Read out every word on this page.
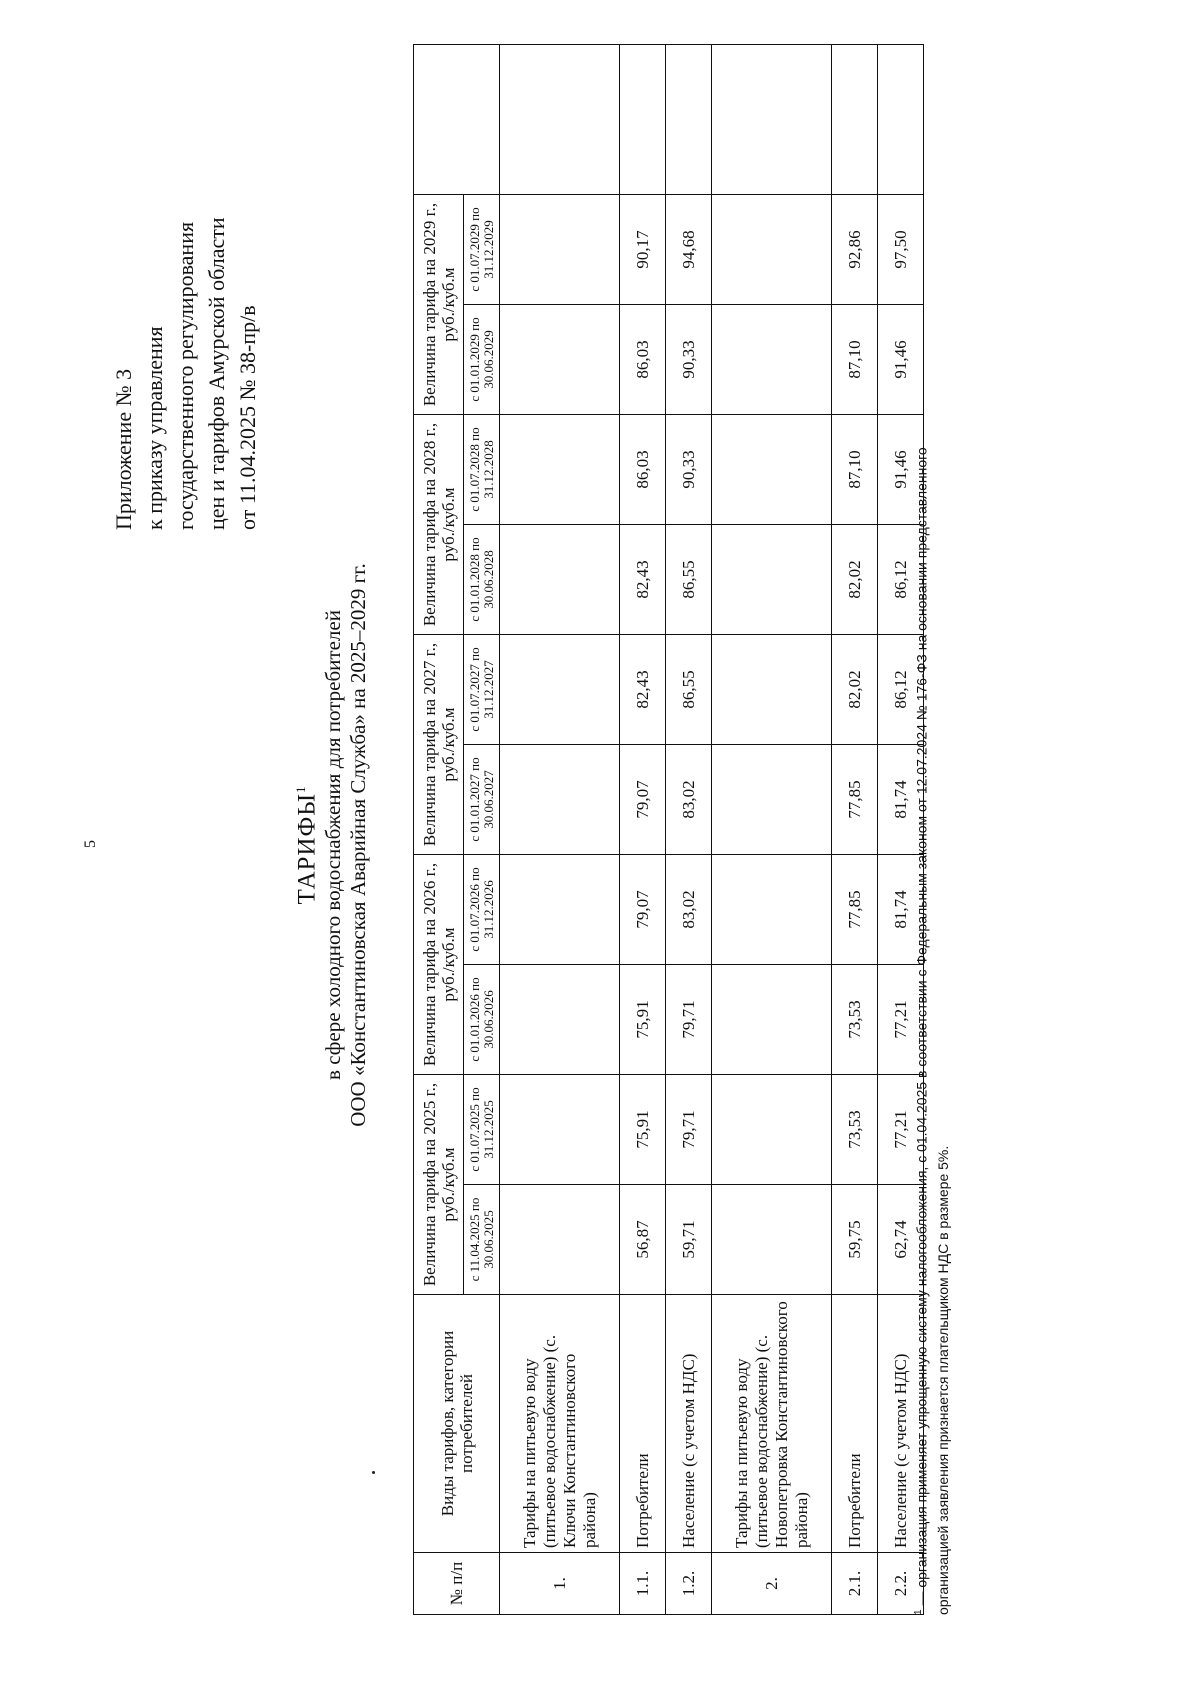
5
Приложение № 3 к приказу управления государственного регулирования цен и тарифов Амурской области от 11.04.2025 № 38-пр/в
ТАРИФЫ$^1$ в сфере холодного водоснабжения для потребителей ООО «Константиновская Аварийная Служба» на 2025–2029 гг.
№ п/п	Виды тарифов, категории потребителей	Величина тарифа на 2025 г., руб./куб.м		Величина тарифа на 2026 г., руб./куб.м		Величина тарифа на 2027 г., руб./куб.м		Величина тарифа на 2028 г., руб./куб.м		Величина тарифа на 2029 г., руб./куб.м		
		с 11.04.2025 по 30.06.2025	с 01.07.2025 по 31.12.2025	с 01.01.2026 по 30.06.2026	с 01.07.2026 по 31.12.2026	с 01.01.2027 по 30.06.2027	с 01.07.2027 по 31.12.2027	с 01.01.2028 по 30.06.2028	с 01.07.2028 по 31.12.2028	с 01.01.2029 по 30.06.2029	с 01.07.2029 по 31.12.2029	
1.	Тарифы на питьевую воду (питьевое водоснабжение) (с. Ключи Константиновского района)											
1.1.	Потребители	56,87	75,91	75,91	79,07	79,07	82,43	82,43	86,03	86,03	90,17	
1.2.	Население (с учетом НДС)	59,71	79,71	79,71	83,02	83,02	86,55	86,55	90,33	90,33	94,68	
2.	Тарифы на питьевую воду (питьевое водоснабжение) (с. Новопетровка Константиновского района)											
2.1.	Потребители	59,75	73,53	73,53	77,85	77,85	82,02	82,02	87,10	87,10	92,86	
2.2.	Население (с учетом НДС)	62,74	77,21	77,21	81,74	81,74	86,12	86,12	91,46	91,46	97,50	
$^1$ — организация применяет упрощенную систему налогообложения, с 01.04.2025 в соответствии с Федеральным законом от 12.07.2024 № 176-ФЗ на основании представленного организацией заявления признается плательщиком НДС в размере 5%.
